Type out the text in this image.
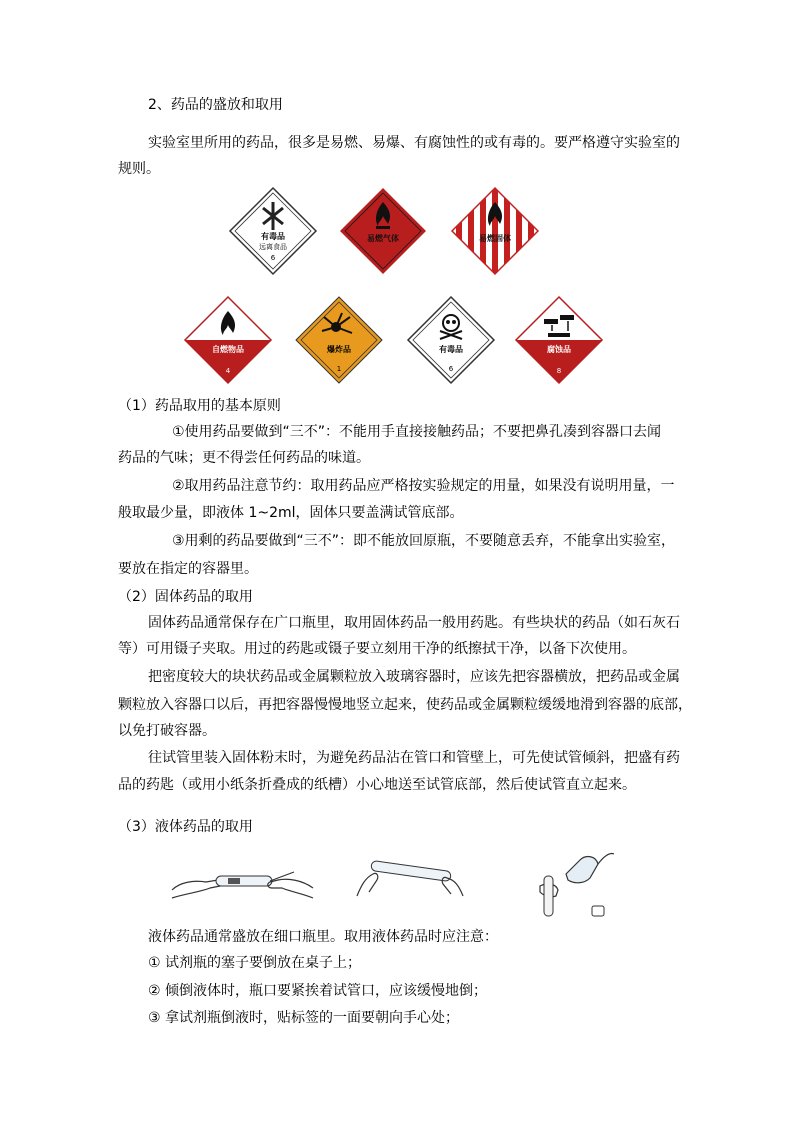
2、药品的盛放和取用
实验室里所用的药品，很多是易燃、易爆、有腐蚀性的或有毒的。要严格遵守实验室的
规则。
有毒品
远离食品
6
易燃气体	易燃固体
自燃物品
4
爆炸品
1
有毒品
6
腐蚀品
8
（1）药品取用的基本原则
①使用药品要做到“三不”：不能用手直接接触药品；不要把鼻孔凑到容器口去闻
药品的气味；更不得尝任何药品的味道。
②取用药品注意节约：取用药品应严格按实验规定的用量，如果没有说明用量，一
般取最少量，即液体 1~2ml，固体只要盖满试管底部。
③用剩的药品要做到“三不”：即不能放回原瓶，不要随意丢弃，不能拿出实验室，
要放在指定的容器里。
（2）固体药品的取用
固体药品通常保存在广口瓶里，取用固体药品一般用药匙。有些块状的药品（如石灰石
等）可用镊子夹取。用过的药匙或镊子要立刻用干净的纸擦拭干净，以备下次使用。
把密度较大的块状药品或金属颗粒放入玻璃容器时，应该先把容器横放，把药品或金属
颗粒放入容器口以后，再把容器慢慢地竖立起来，使药品或金属颗粒缓缓地滑到容器的底部，
以免打破容器。
往试管里装入固体粉末时，为避免药品沾在管口和管壁上，可先使试管倾斜，把盛有药
品的药匙（或用小纸条折叠成的纸槽）小心地送至试管底部，然后使试管直立起来。
（3）液体药品的取用
液体药品通常盛放在细口瓶里。取用液体药品时应注意：
① 试剂瓶的塞子要倒放在桌子上；
② 倾倒液体时，瓶口要紧挨着试管口，应该缓慢地倒；
③ 拿试剂瓶倒液时，贴标签的一面要朝向手心处；
